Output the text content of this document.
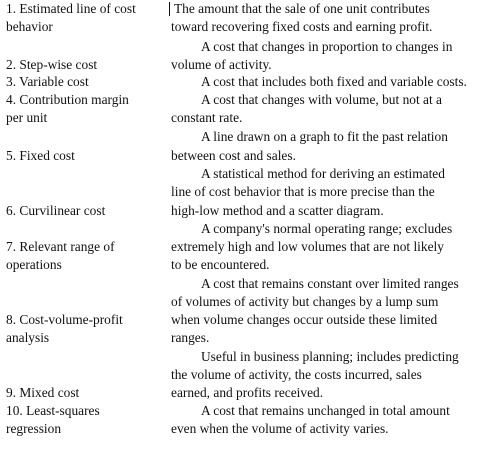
1. Estimated line of cost
behavior
2. Step-wise cost
3. Variable cost
4. Contribution margin
per unit
5. Fixed cost
6. Curvilinear cost
7. Relevant range of
operations
8. Cost-volume-profit
analysis
9. Mixed cost
10. Least-squares
regression
The amount that the sale of one unit contributes
toward recovering fixed costs and earning profit.
A cost that changes in proportion to changes in
volume of activity.
A cost that includes both fixed and variable costs.
A cost that changes with volume, but not at a
constant rate.
A line drawn on a graph to fit the past relation
between cost and sales.
A statistical method for deriving an estimated
line of cost behavior that is more precise than the
high-low method and a scatter diagram.
A company's normal operating range; excludes
extremely high and low volumes that are not likely
to be encountered.
A cost that remains constant over limited ranges
of volumes of activity but changes by a lump sum
when volume changes occur outside these limited
ranges.
Useful in business planning; includes predicting
the volume of activity, the costs incurred, sales
earned, and profits received.
A cost that remains unchanged in total amount
even when the volume of activity varies.
